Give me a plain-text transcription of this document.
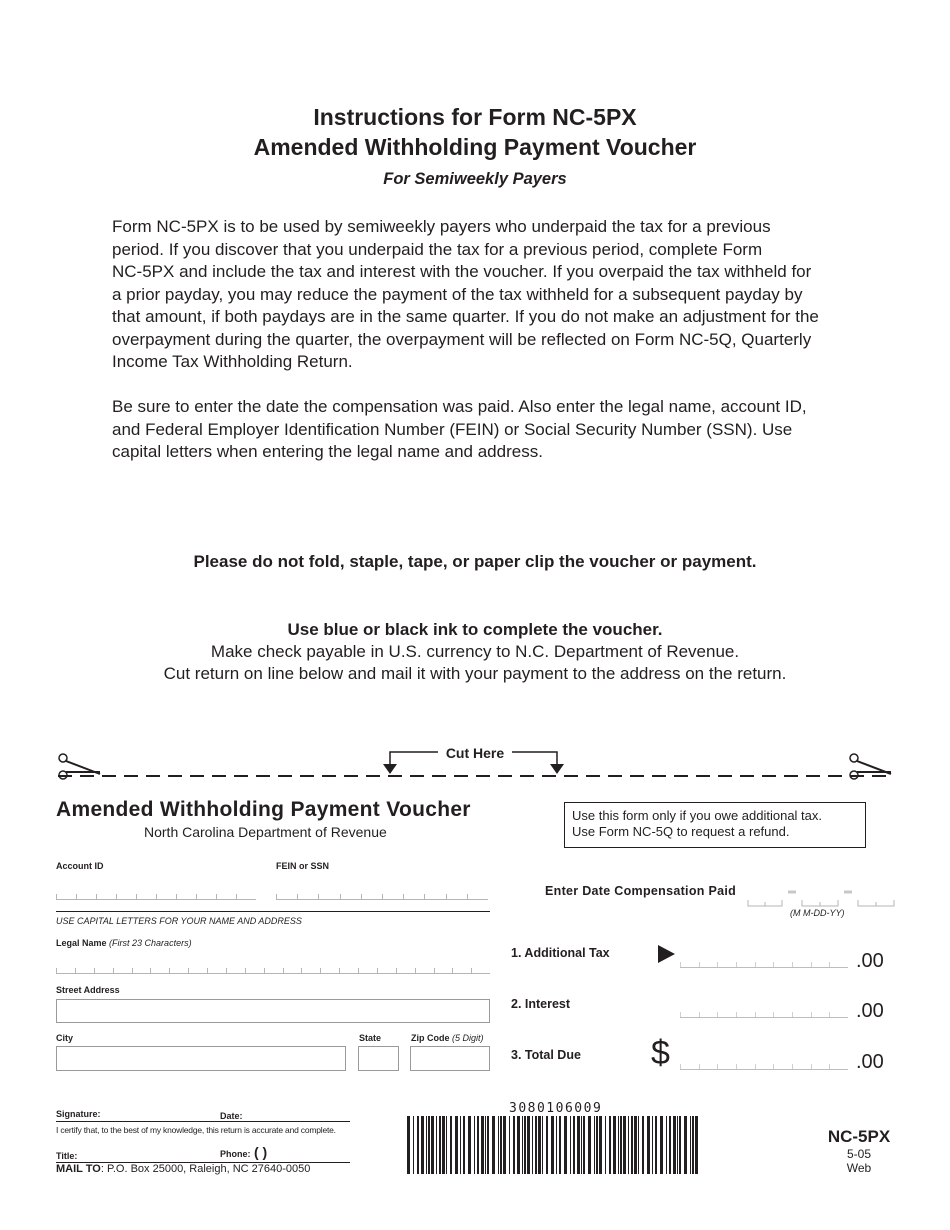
Instructions for Form NC-5PX
Amended Withholding Payment Voucher
For Semiweekly Payers
Form NC-5PX is to be used by semiweekly payers who underpaid the tax for a previous
period. If you discover that you underpaid the tax for a previous period, complete Form
NC-5PX and include the tax and interest with the voucher. If you overpaid the tax withheld for
a prior payday, you may reduce the payment of the tax withheld for a subsequent payday by
that amount, if both paydays are in the same quarter. If you do not make an adjustment for the
overpayment during the quarter, the overpayment will be reflected on Form NC-5Q, Quarterly
Income Tax Withholding Return.
Be sure to enter the date the compensation was paid. Also enter the legal name, account ID,
and Federal Employer Identification Number (FEIN) or Social Security Number (SSN). Use
capital letters when entering the legal name and address.
Please do not fold, staple, tape, or paper clip the voucher or payment.
Use blue or black ink to complete the voucher.
Make check payable in U.S. currency to N.C. Department of Revenue.
Cut return on line below and mail it with your payment to the address on the return.
Cut Here
Amended Withholding Payment Voucher
North Carolina Department of Revenue
Use this form only if you owe additional tax.
Use Form NC-5Q to request a refund.
Account ID	FEIN or SSN
USE CAPITAL LETTERS FOR YOUR NAME AND ADDRESS
Legal Name (First 23 Characters)
Street Address
City	State	Zip Code (5 Digit)
Enter Date Compensation Paid
(M M-DD-YY)
1. Additional Tax	.00
2. Interest	.00
3. Total Due $	.00
Signature:	Date:
I certify that, to the best of my knowledge, this return is accurate and complete.
Title:	Phone: ( )
MAIL TO: P.O. Box 25000, Raleigh, NC 27640-0050
3080106009
NC-5PX
5-05
Web
